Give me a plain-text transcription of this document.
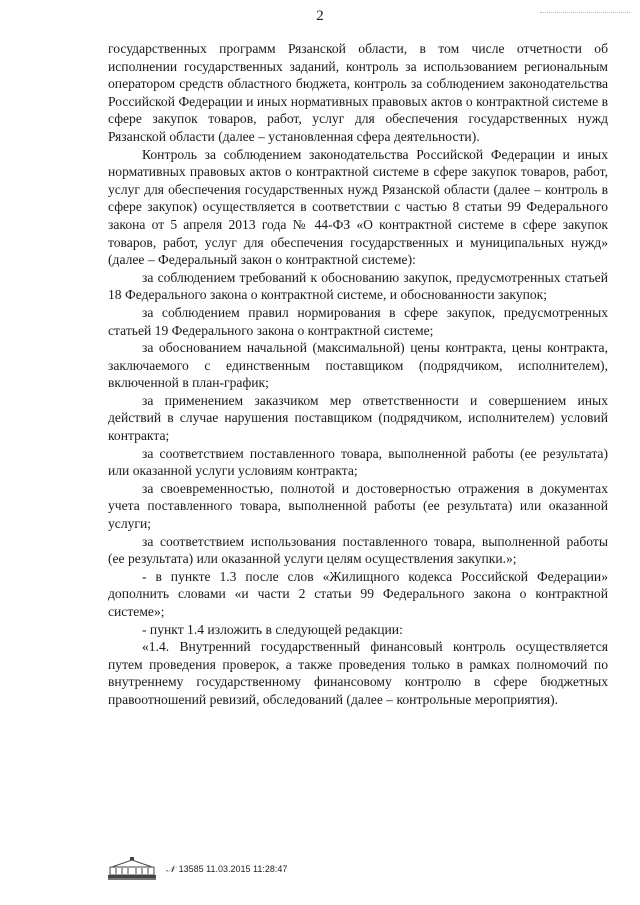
2

государственных программ Рязанской области, в том числе отчетности об исполнении государственных заданий, контроль за использованием региональным оператором средств областного бюджета, контроль за соблюдением законодательства Российской Федерации и иных нормативных правовых актов о контрактной системе в сфере закупок товаров, работ, услуг для обеспечения государственных нужд Рязанской области (далее – установленная сфера деятельности).

Контроль за соблюдением законодательства Российской Федерации и иных нормативных правовых актов о контрактной системе в сфере закупок товаров, работ, услуг для обеспечения государственных нужд Рязанской области (далее – контроль в сфере закупок) осуществляется в соответствии с частью 8 статьи 99 Федерального закона от 5 апреля 2013 года № 44-ФЗ «О контрактной системе в сфере закупок товаров, работ, услуг для обеспечения государственных и муниципальных нужд» (далее – Федеральный закон о контрактной системе):

за соблюдением требований к обоснованию закупок, предусмотренных статьей 18 Федерального закона о контрактной системе, и обоснованности закупок;

за соблюдением правил нормирования в сфере закупок, предусмотренных статьей 19 Федерального закона о контрактной системе;

за обоснованием начальной (максимальной) цены контракта, цены контракта, заключаемого с единственным поставщиком (подрядчиком, исполнителем), включенной в план-график;

за применением заказчиком мер ответственности и совершением иных действий в случае нарушения поставщиком (подрядчиком, исполнителем) условий контракта;

за соответствием поставленного товара, выполненной работы (ее результата) или оказанной услуги условиям контракта;

за своевременностью, полнотой и достоверностью отражения в документах учета поставленного товара, выполненной работы (ее результата) или оказанной услуги;

за соответствием использования поставленного товара, выполненной работы (ее результата) или оказанной услуги целям осуществления закупки.»;

- в пункте 1.3 после слов «Жилищного кодекса Российской Федерации» дополнить словами «и части 2 статьи 99 Федерального закона о контрактной системе»;

- пункт 1.4 изложить в следующей редакции:

«1.4. Внутренний государственный финансовый контроль осуществляется путем проведения проверок, а также проведения только в рамках полномочий по внутреннему государственному финансовому контролю в сфере бюджетных правоотношений ревизий, обследований (далее – контрольные мероприятия).

𝒩 13585 11.03.2015 11:28:47
